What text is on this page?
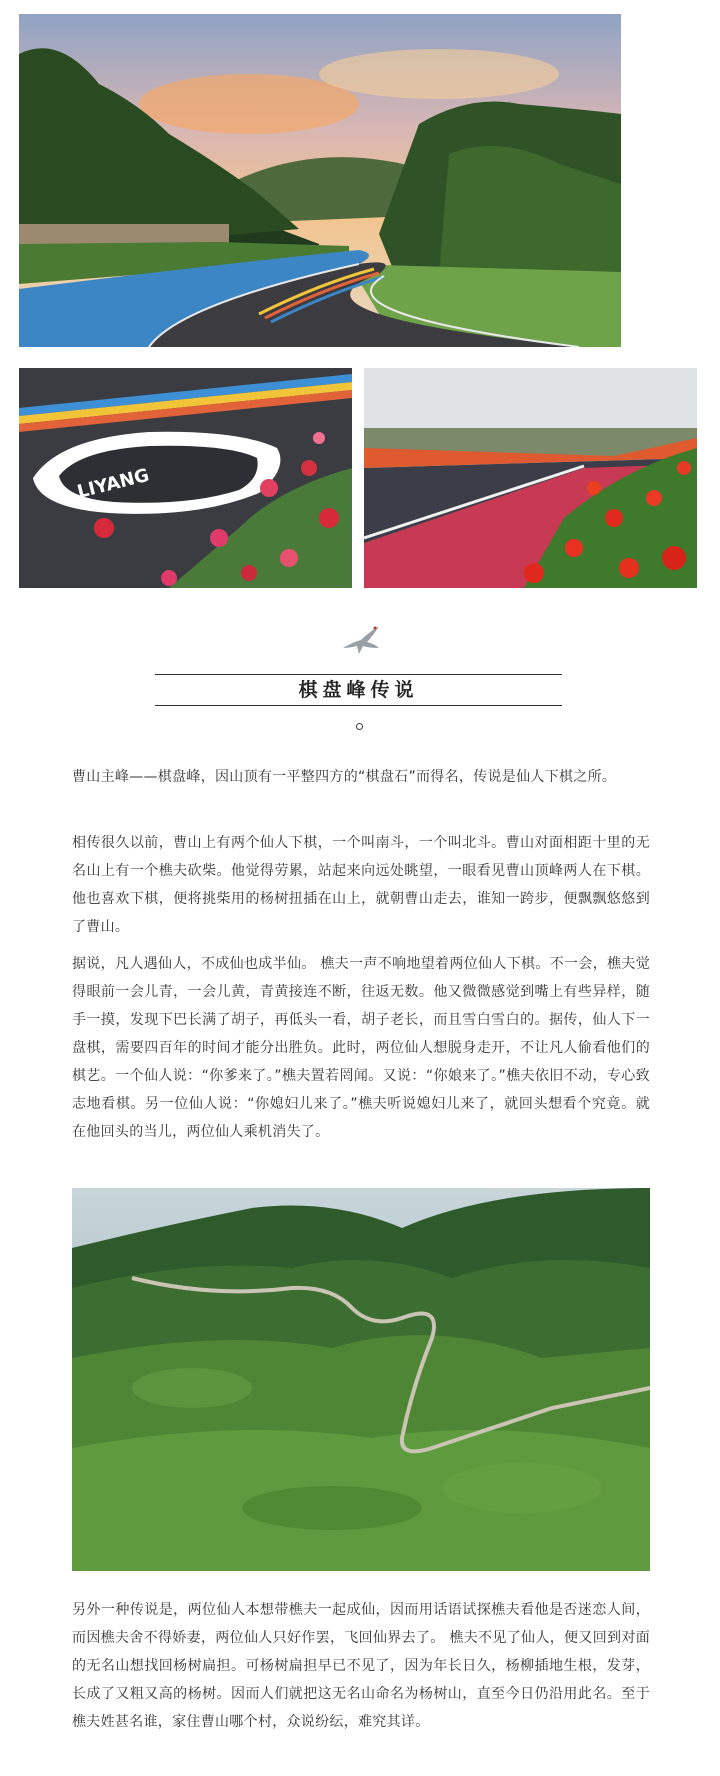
LIYANG
棋盘峰传说

曹山主峰——棋盘峰，因山顶有一平整四方的“棋盘石”而得名，传说是仙人下棋之所。

相传很久以前，曹山上有两个仙人下棋，一个叫南斗，一个叫北斗。曹山对面相距十里的无名山上有一个樵夫砍柴。他觉得劳累，站起来向远处眺望，一眼看见曹山顶峰两人在下棋。他也喜欢下棋，便将挑柴用的杨树扭插在山上，就朝曹山走去，谁知一跨步，便飘飘悠悠到了曹山。

据说，凡人遇仙人，不成仙也成半仙。 樵夫一声不响地望着两位仙人下棋。不一会，樵夫觉得眼前一会儿青，一会儿黄，青黄接连不断，往返无数。他又微微感觉到嘴上有些异样，随手一摸，发现下巴长满了胡子，再低头一看，胡子老长，而且雪白雪白的。据传，仙人下一盘棋，需要四百年的时间才能分出胜负。此时，两位仙人想脱身走开，不让凡人偷看他们的棋艺。一个仙人说：“你爹来了。”樵夫置若罔闻。又说：“你娘来了。”樵夫依旧不动，专心致志地看棋。另一位仙人说：“你媳妇儿来了。”樵夫听说媳妇儿来了，就回头想看个究竟。就在他回头的当儿，两位仙人乘机消失了。

另外一种传说是，两位仙人本想带樵夫一起成仙，因而用话语试探樵夫看他是否迷恋人间，而因樵夫舍不得娇妻，两位仙人只好作罢，飞回仙界去了。 樵夫不见了仙人，便又回到对面的无名山想找回杨树扁担。可杨树扁担早已不见了，因为年长日久，杨柳插地生根，发芽，长成了又粗又高的杨树。因而人们就把这无名山命名为杨树山，直至今日仍沿用此名。至于樵夫姓甚名谁，家住曹山哪个村，众说纷纭，难究其详。
